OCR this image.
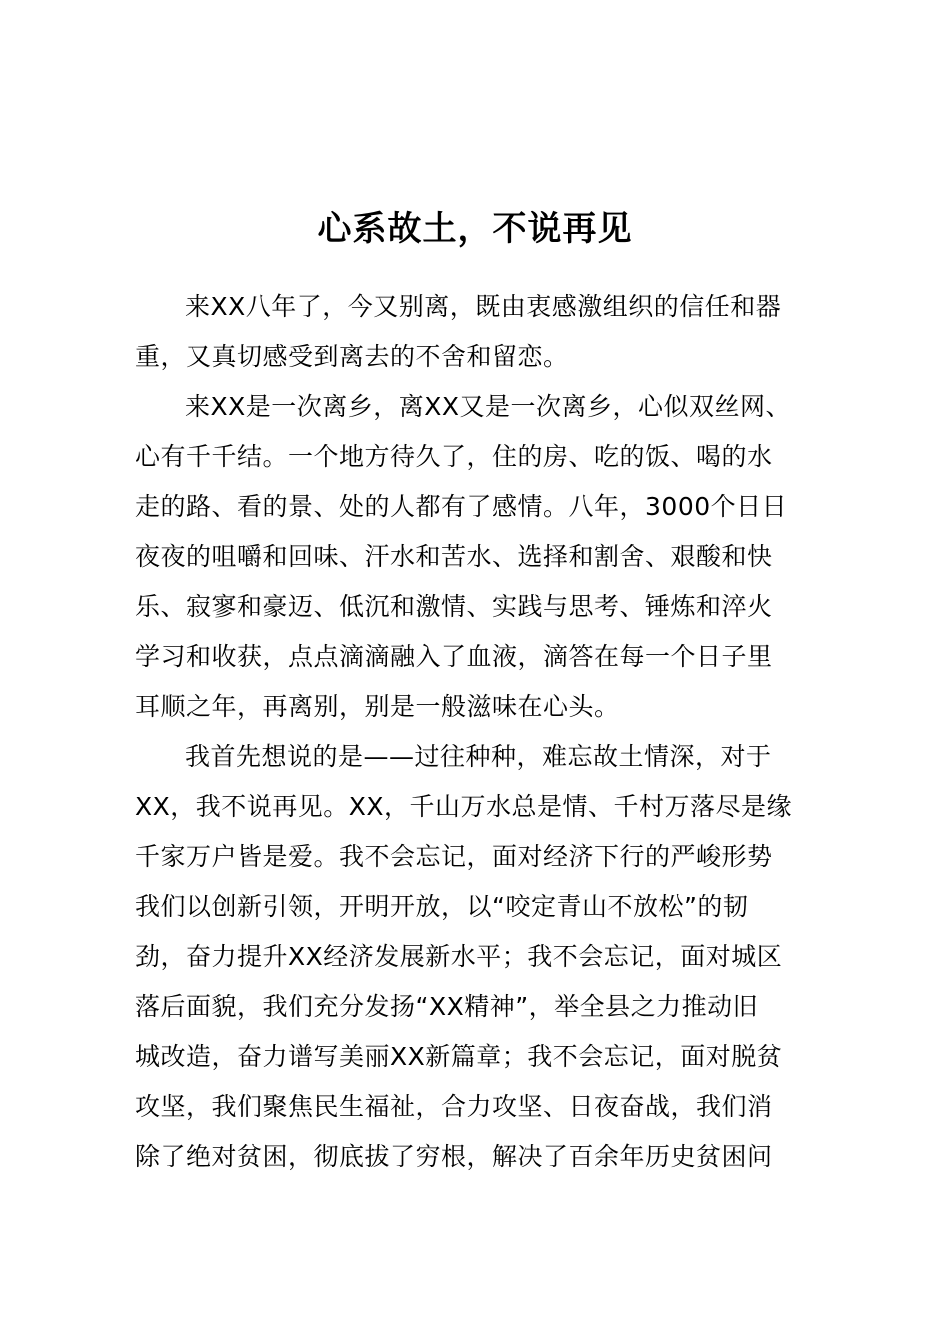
心系故土，不说再见
来XX八年了，今又别离，既由衷感激组织的信任和器
重，又真切感受到离去的不舍和留恋。
来XX是一次离乡，离XX又是一次离乡，心似双丝网、
心有千千结。一个地方待久了，住的房、吃的饭、喝的水
走的路、看的景、处的人都有了感情。八年，3000个日日
夜夜的咀嚼和回味、汗水和苦水、选择和割舍、艰酸和快
乐、寂寥和豪迈、低沉和激情、实践与思考、锤炼和淬火
学习和收获，点点滴滴融入了血液，滴答在每一个日子里
耳顺之年，再离别，别是一般滋味在心头。
我首先想说的是——过往种种，难忘故土情深，对于
XX，我不说再见。XX，千山万水总是情、千村万落尽是缘
千家万户皆是爱。我不会忘记，面对经济下行的严峻形势
我们以创新引领，开明开放，以“咬定青山不放松”的韧
劲，奋力提升XX经济发展新水平；我不会忘记，面对城区
落后面貌，我们充分发扬“XX精神”，举全县之力推动旧
城改造，奋力谱写美丽XX新篇章；我不会忘记，面对脱贫
攻坚，我们聚焦民生福祉，合力攻坚、日夜奋战，我们消
除了绝对贫困，彻底拔了穷根，解决了百余年历史贫困问
